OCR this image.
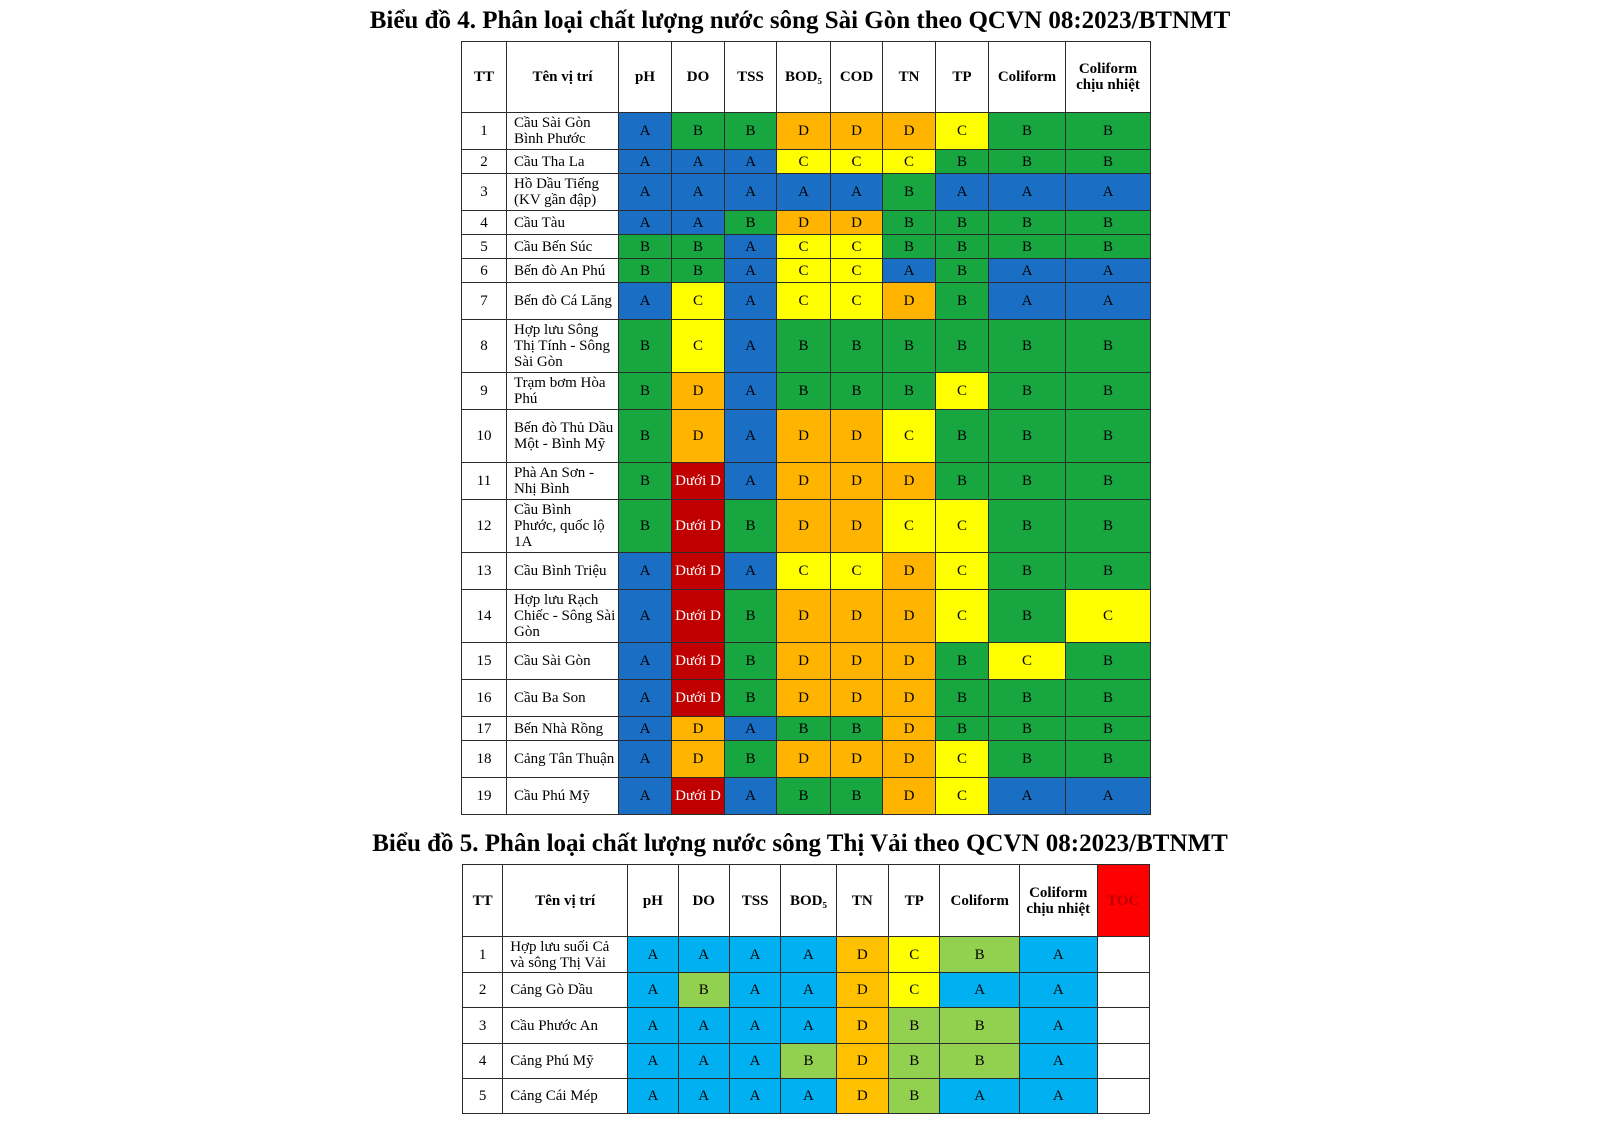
Biểu đồ 4. Phân loại chất lượng nước sông Sài Gòn theo QCVN 08:2023/BTNMT
TT	Tên vị trí	pH	DO	TSS	BOD₅	COD	TN	TP	Coliform	Coliform chịu nhiệt
1	Cầu Sài Gòn Bình Phước	A	B	B	D	D	D	C	B	B
2	Cầu Tha La	A	A	A	C	C	C	B	B	B
3	Hồ Dầu Tiếng (KV gần đập)	A	A	A	A	A	B	A	A	A
4	Cầu Tàu	A	A	B	D	D	B	B	B	B
5	Cầu Bến Súc	B	B	A	C	C	B	B	B	B
6	Bến đò An Phú	B	B	A	C	C	A	B	A	A
7	Bến đò Cá Lăng	A	C	A	C	C	D	B	A	A
8	Hợp lưu Sông Thị Tính - Sông Sài Gòn	B	C	A	B	B	B	B	B	B
9	Trạm bơm Hòa Phú	B	D	A	B	B	B	C	B	B
10	Bến đò Thủ Dầu Một - Bình Mỹ	B	D	A	D	D	C	B	B	B
11	Phà An Sơn - Nhị Bình	B	Dưới D	A	D	D	D	B	B	B
12	Cầu Bình Phước, quốc lộ 1A	B	Dưới D	B	D	D	C	C	B	B
13	Cầu Bình Triệu	A	Dưới D	A	C	C	D	C	B	B
14	Hợp lưu Rạch Chiếc - Sông Sài Gòn	A	Dưới D	B	D	D	D	C	B	C
15	Cầu Sài Gòn	A	Dưới D	B	D	D	D	B	C	B
16	Cầu Ba Son	A	Dưới D	B	D	D	D	B	B	B
17	Bến Nhà Rồng	A	D	A	B	B	D	B	B	B
18	Cảng Tân Thuận	A	D	B	D	D	D	C	B	B
19	Cầu Phú Mỹ	A	Dưới D	A	B	B	D	C	A	A
Biểu đồ 5. Phân loại chất lượng nước sông Thị Vải theo QCVN 08:2023/BTNMT
TT	Tên vị trí	pH	DO	TSS	BOD₅	TN	TP	Coliform	Coliform chịu nhiệt	TOC
1	Hợp lưu suối Cả và sông Thị Vải	A	A	A	A	D	C	B	A	
2	Cảng Gò Dầu	A	B	A	A	D	C	A	A	
3	Cầu Phước An	A	A	A	A	D	B	B	A	
4	Cảng Phú Mỹ	A	A	A	B	D	B	B	A	
5	Cảng Cái Mép	A	A	A	A	D	B	A	A	
